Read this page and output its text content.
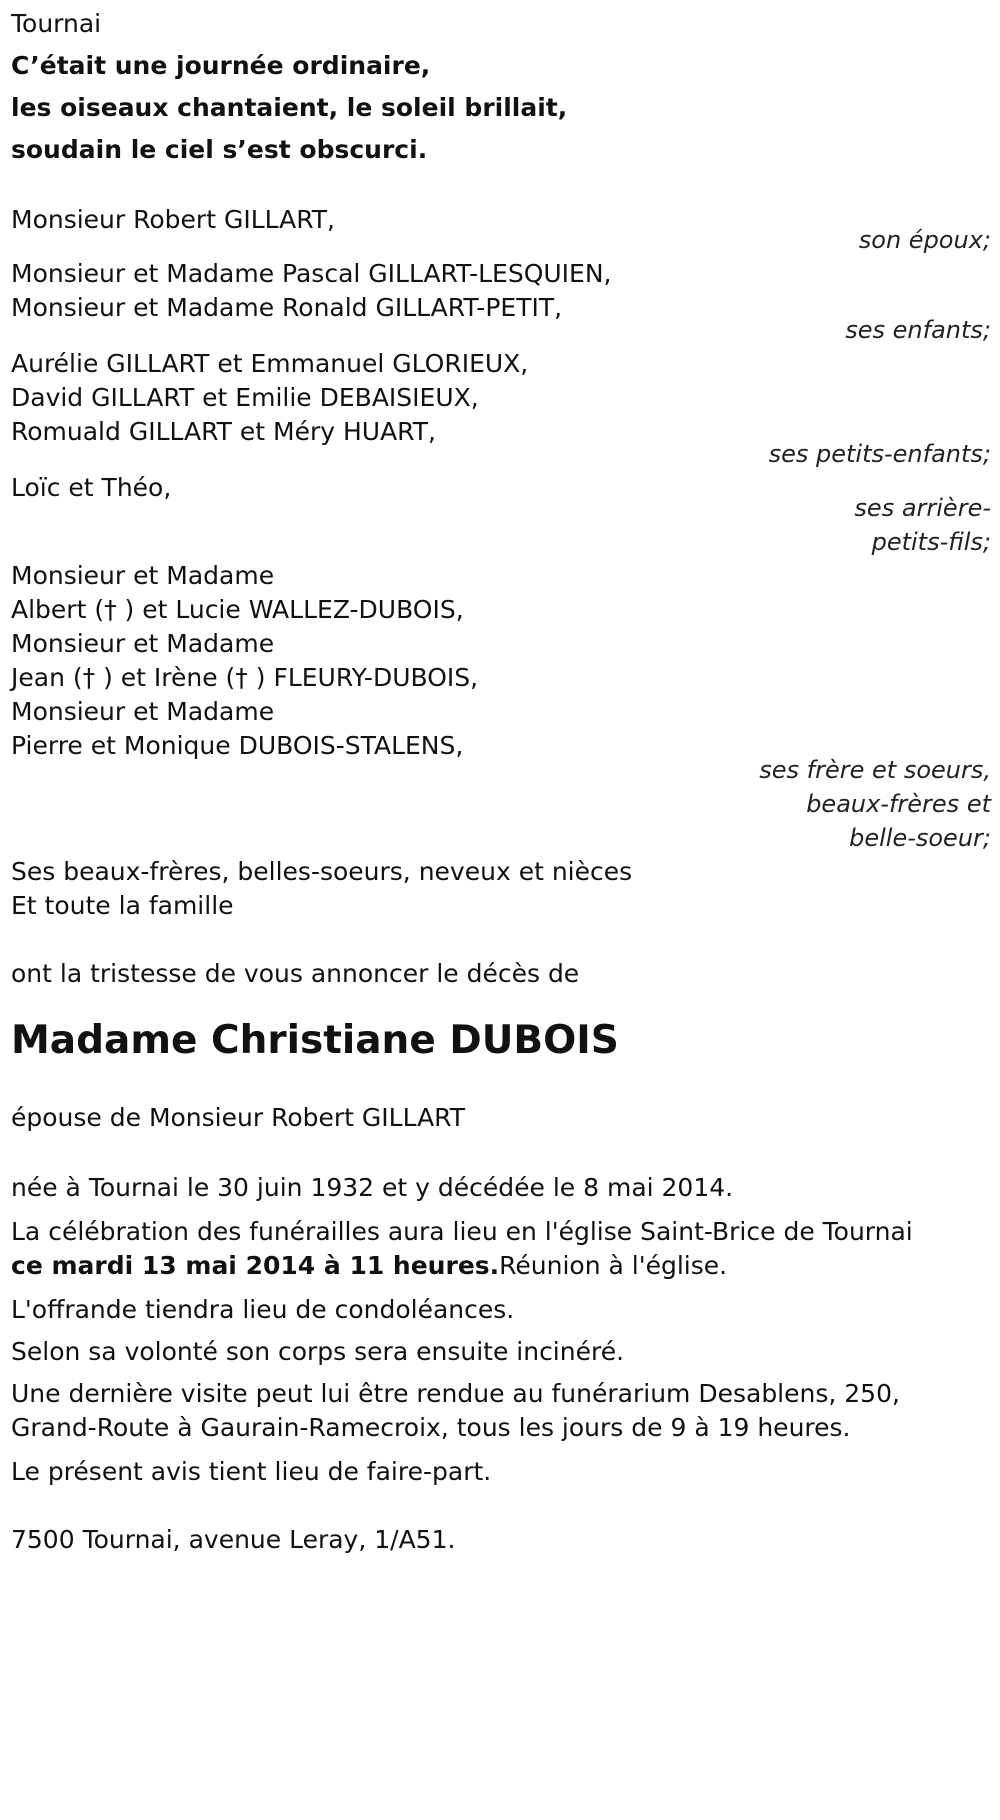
Tournai
C’était une journée ordinaire,
les oiseaux chantaient, le soleil brillait,
soudain le ciel s’est obscurci.
Monsieur Robert GILLART,
son époux;
Monsieur et Madame Pascal GILLART-LESQUIEN,
Monsieur et Madame Ronald GILLART-PETIT,
ses enfants;
Aurélie GILLART et Emmanuel GLORIEUX,
David GILLART et Emilie DEBAISIEUX,
Romuald GILLART et Méry HUART,
ses petits-enfants;
Loïc et Théo,
ses arrière-
petits-fils;
Monsieur et Madame
Albert († ) et Lucie WALLEZ-DUBOIS,
Monsieur et Madame
Jean († ) et Irène († ) FLEURY-DUBOIS,
Monsieur et Madame
Pierre et Monique DUBOIS-STALENS,
ses frère et soeurs,
beaux-frères et
belle-soeur;
Ses beaux-frères, belles-soeurs, neveux et nièces
Et toute la famille
ont la tristesse de vous annoncer le décès de
Madame Christiane DUBOIS
épouse de Monsieur Robert GILLART
née à Tournai le 30 juin 1932 et y décédée le 8 mai 2014.
La célébration des funérailles aura lieu en l'église Saint-Brice de Tournai
ce mardi 13 mai 2014 à 11 heures.Réunion à l'église.
L'offrande tiendra lieu de condoléances.
Selon sa volonté son corps sera ensuite incinéré.
Une dernière visite peut lui être rendue au funérarium Desablens, 250,
Grand-Route à Gaurain-Ramecroix, tous les jours de 9 à 19 heures.
Le présent avis tient lieu de faire-part.
7500 Tournai, avenue Leray, 1/A51.
